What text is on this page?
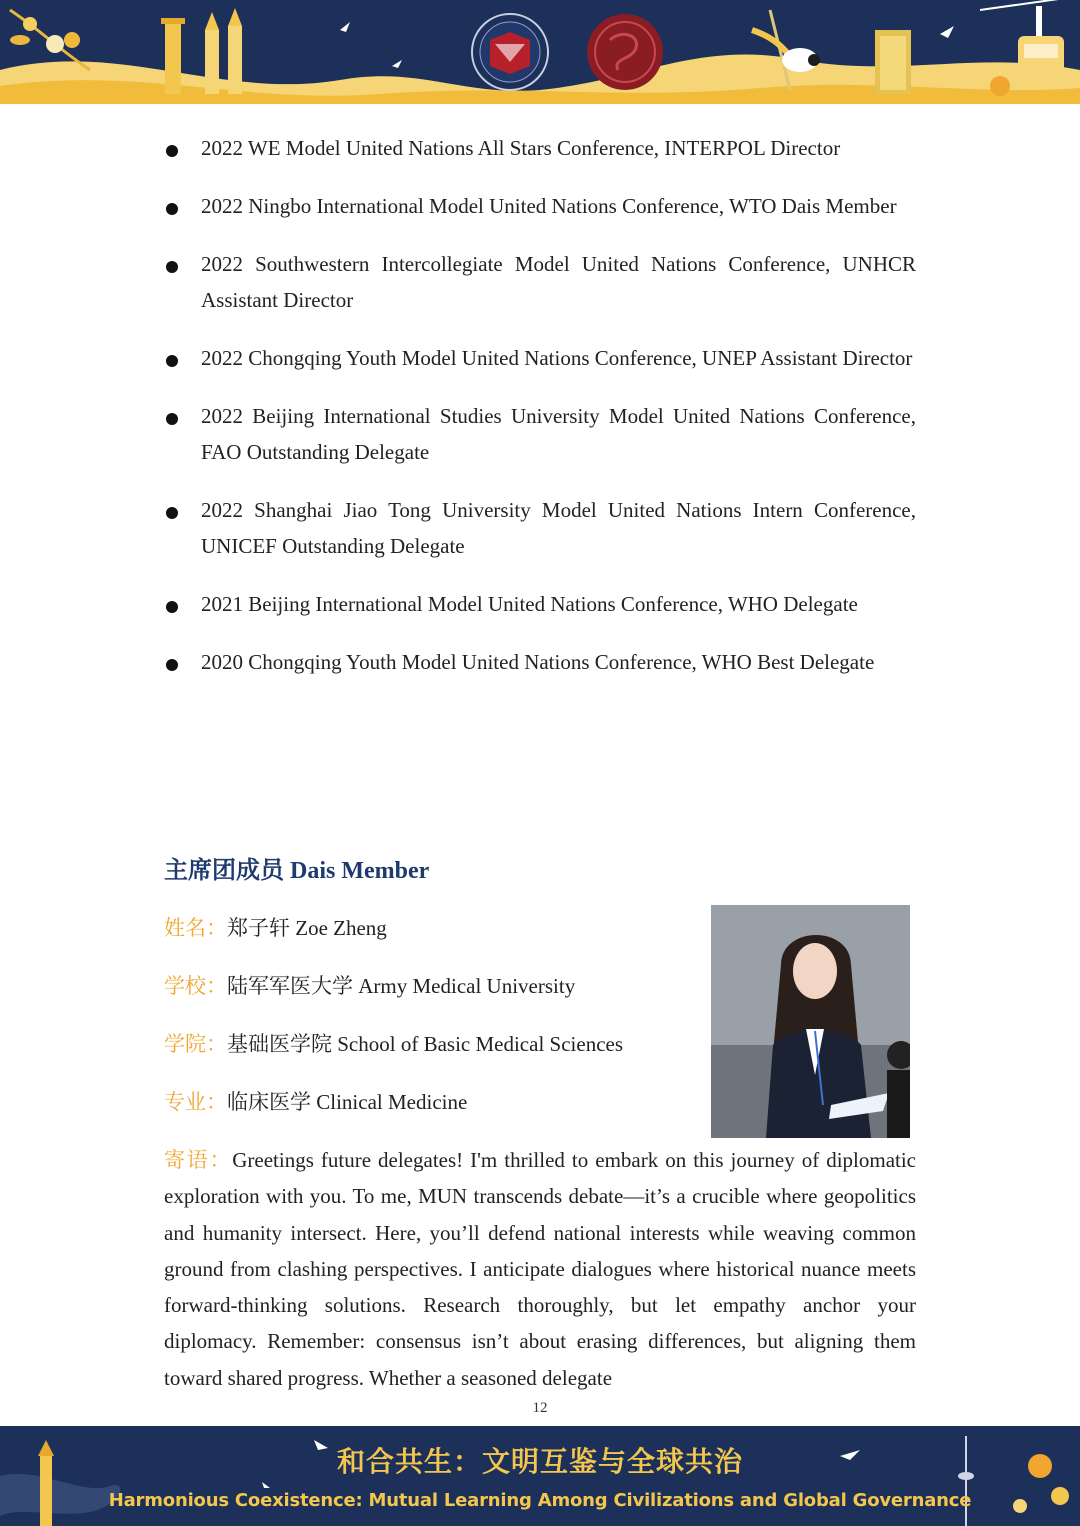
2022 WE Model United Nations All Stars Conference, INTERPOL Director
2022 Ningbo International Model United Nations Conference, WTO Dais Member
2022 Southwestern Intercollegiate Model United Nations Conference, UNHCR Assistant Director
2022 Chongqing Youth Model United Nations Conference, UNEP Assistant Director
2022 Beijing International Studies University Model United Nations Conference, FAO Outstanding Delegate
2022 Shanghai Jiao Tong University Model United Nations Intern Conference, UNICEF Outstanding Delegate
2021 Beijing International Model United Nations Conference, WHO Delegate
2020 Chongqing Youth Model United Nations Conference, WHO Best Delegate
主席团成员 Dais Member
姓名：郑子轩 Zoe Zheng
学校：陆军军医大学 Army Medical University
学院：基础医学院 School of Basic Medical Sciences
专业：临床医学 Clinical Medicine
寄语：Greetings future delegates! I'm thrilled to embark on this journey of diplomatic exploration with you. To me, MUN transcends debate—it’s a crucible where geopolitics and humanity intersect. Here, you’ll defend national interests while weaving common ground from clashing perspectives. I anticipate dialogues where historical nuance meets forward-thinking solutions. Research thoroughly, but let empathy anchor your diplomacy. Remember: consensus isn’t about erasing differences, but aligning them toward shared progress. Whether a seasoned delegate
12
和合共生：文明互鉴与全球共治
Harmonious Coexistence: Mutual Learning Among Civilizations and Global Governance
